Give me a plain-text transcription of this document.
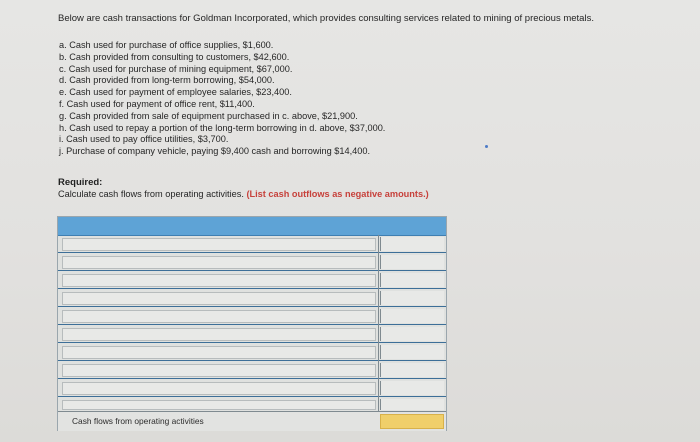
Below are cash transactions for Goldman Incorporated, which provides consulting services related to mining of precious metals.
a. Cash used for purchase of office supplies, $1,600.
b. Cash provided from consulting to customers, $42,600.
c. Cash used for purchase of mining equipment, $67,000.
d. Cash provided from long-term borrowing, $54,000.
e. Cash used for payment of employee salaries, $23,400.
f. Cash used for payment of office rent, $11,400.
g. Cash provided from sale of equipment purchased in c. above, $21,900.
h. Cash used to repay a portion of the long-term borrowing in d. above, $37,000.
i. Cash used to pay office utilities, $3,700.
j. Purchase of company vehicle, paying $9,400 cash and borrowing $14,400.
Required:
Calculate cash flows from operating activities. (List cash outflows as negative amounts.)
Cash flows from operating activities
